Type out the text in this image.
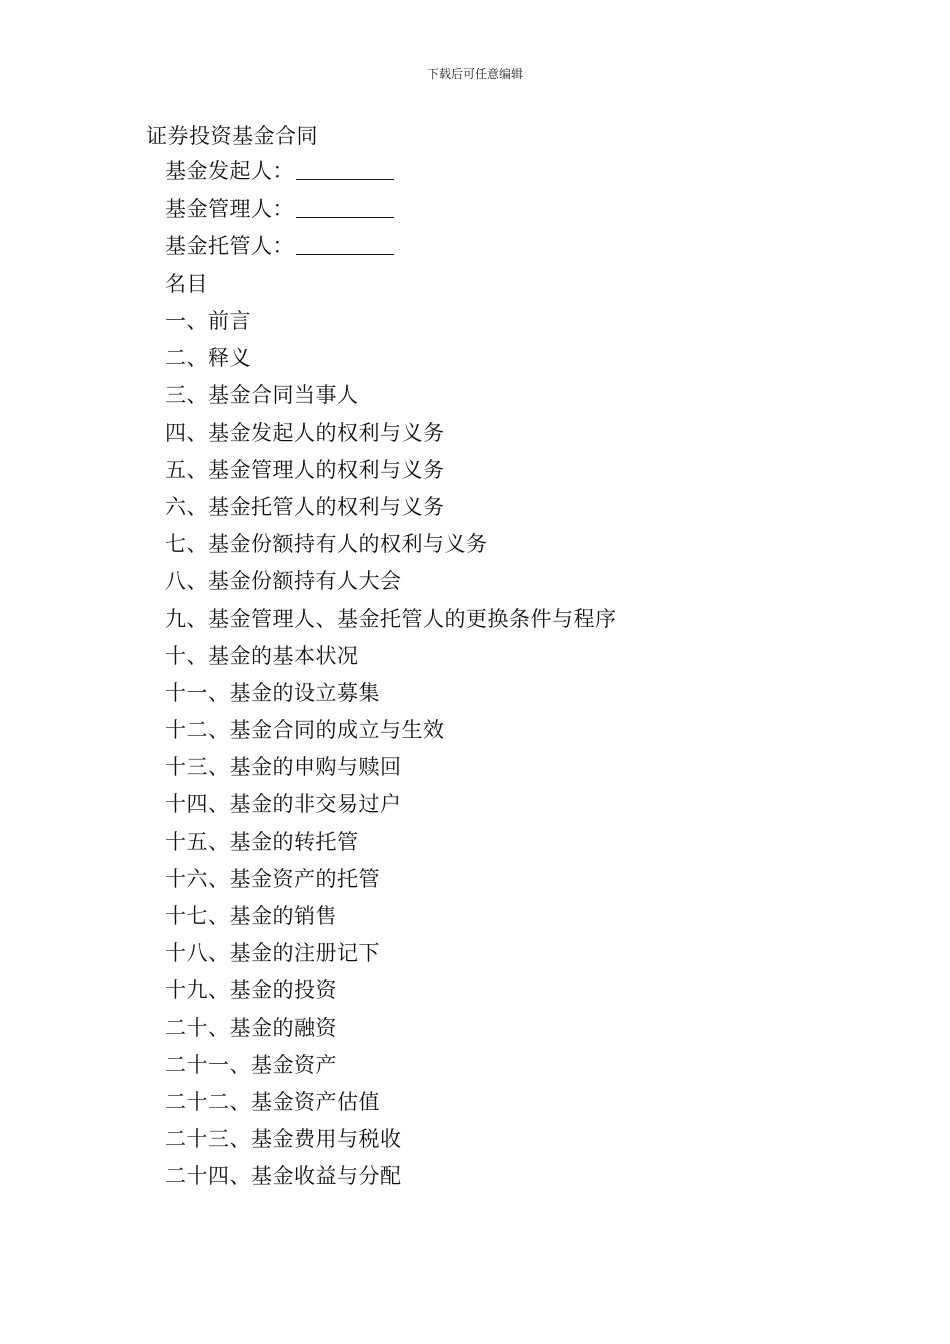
下载后可任意编辑
证券投资基金合同
基金发起人：
基金管理人：
基金托管人：
名目
一、前言
二、释义
三、基金合同当事人
四、基金发起人的权利与义务
五、基金管理人的权利与义务
六、基金托管人的权利与义务
七、基金份额持有人的权利与义务
八、基金份额持有人大会
九、基金管理人、基金托管人的更换条件与程序
十、基金的基本状况
十一、基金的设立募集
十二、基金合同的成立与生效
十三、基金的申购与赎回
十四、基金的非交易过户
十五、基金的转托管
十六、基金资产的托管
十七、基金的销售
十八、基金的注册记下
十九、基金的投资
二十、基金的融资
二十一、基金资产
二十二、基金资产估值
二十三、基金费用与税收
二十四、基金收益与分配
